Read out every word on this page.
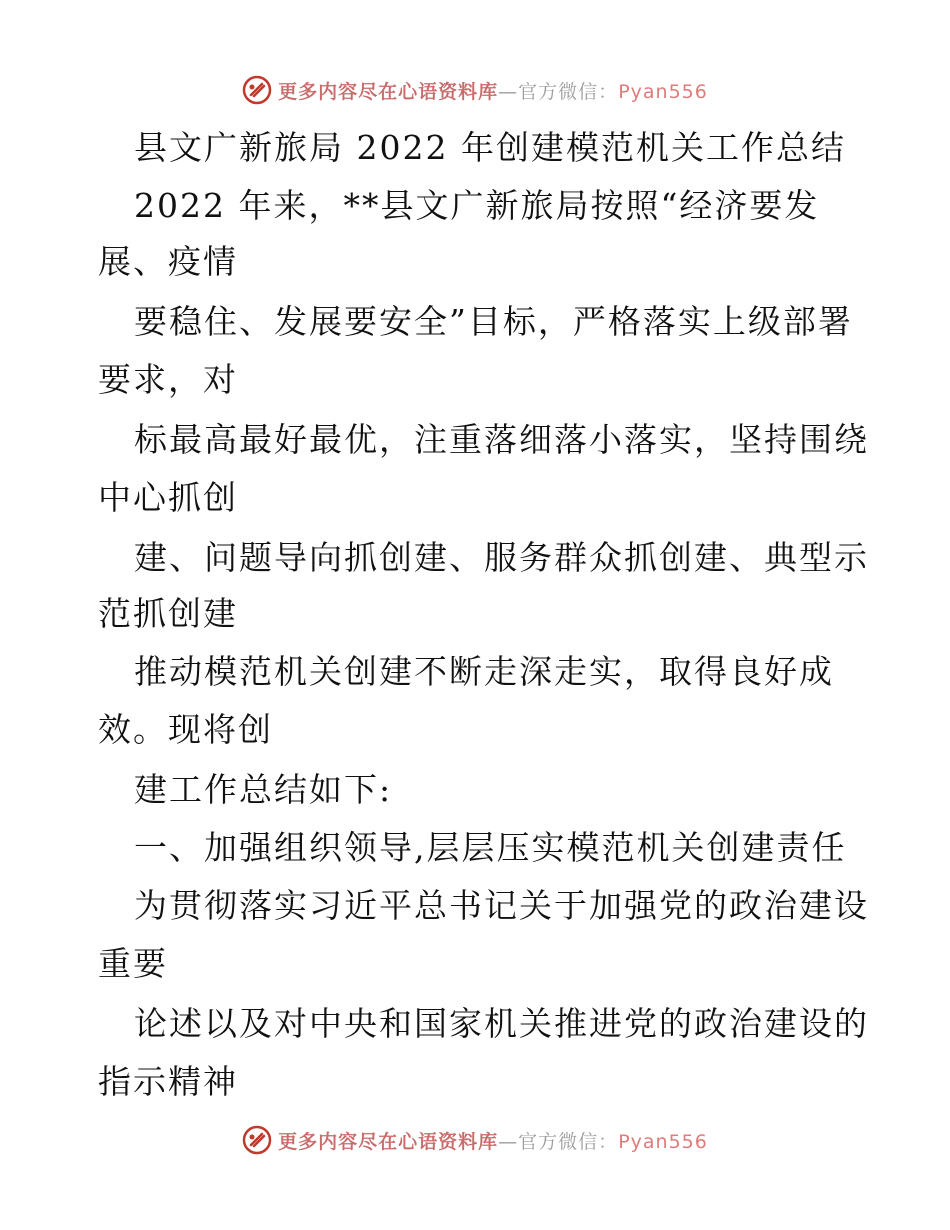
更多内容尽在心语资料库—官方微信：Pyan556
县文广新旅局 2022 年创建模范机关工作总结
2022 年来，**县文广新旅局按照“经济要发
展、疫情
要稳住、发展要安全”目标，严格落实上级部署
要求，对
标最高最好最优，注重落细落小落实，坚持围绕
中心抓创
建、问题导向抓创建、服务群众抓创建、典型示
范抓创建
推动模范机关创建不断走深走实，取得良好成
效。现将创
建工作总结如下:
一、加强组织领导,层层压实模范机关创建责任
为贯彻落实习近平总书记关于加强党的政治建设
重要
论述以及对中央和国家机关推进党的政治建设的
指示精神
更多内容尽在心语资料库—官方微信：Pyan556
